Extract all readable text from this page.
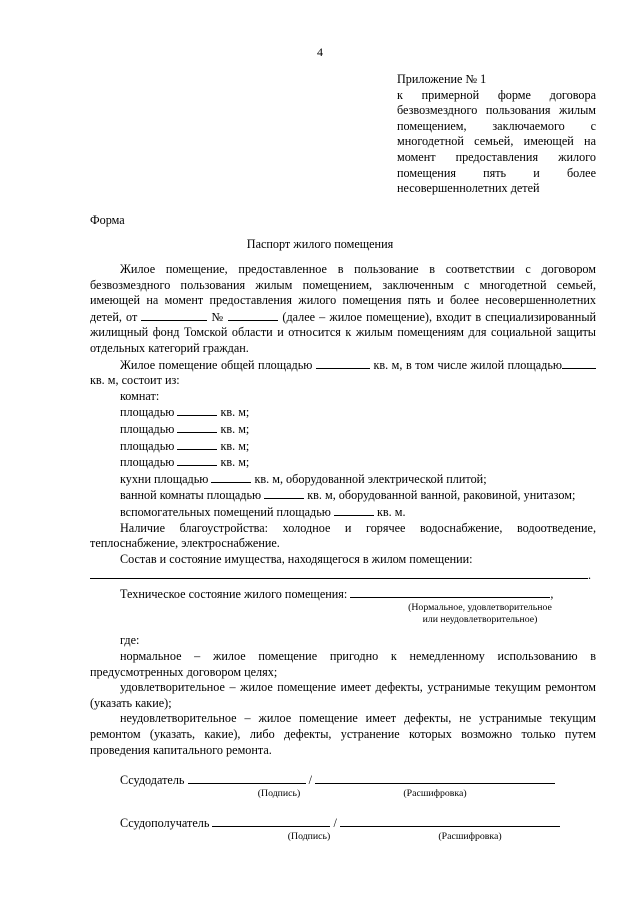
4
Приложение № 1
к примерной форме договора безвозмездного пользования жилым помещением, заключаемого с многодетной семьей, имеющей на момент предоставления жилого помещения пять и более
несовершеннолетних детей
Форма
Паспорт жилого помещения

Жилое помещение, предоставленное в пользование в соответствии с договором безвозмездного пользования жилым помещением, заключенным с многодетной семьей, имеющей на момент предоставления жилого помещения пять и более несовершеннолетних детей, от	№	(далее – жилое помещение), входит в специализированный жилищный фонд Томской области и относится к жилым помещениям для социальной защиты отдельных категорий граждан.

Жилое помещение общей площадью	кв. м, в том числе жилой площадью кв. м, состоит из:

комнат:

площадью	кв. м;

площадью	кв. м;

площадью	кв. м;

площадью	кв. м;

кухни площадью	кв. м, оборудованной электрической плитой;

ванной комнаты площадью	кв. м, оборудованной ванной, раковиной, унитазом;

вспомогательных помещений площадью	кв. м.

Наличие благоустройства: холодное и горячее водоснабжение, водоотведение, теплоснабжение, электроснабжение.

Состав и состояние имущества, находящегося в жилом помещении:
.

Техническое состояние жилого помещения:	,

(Нормальное, удовлетворительное
или неудовлетворительное)

где:

нормальное – жилое помещение пригодно к немедленному использованию в предусмотренных договором целях;

удовлетворительное – жилое помещение имеет дефекты, устранимые текущим ремонтом (указать какие);

неудовлетворительное – жилое помещение имеет дефекты, не устранимые текущим ремонтом (указать, какие), либо дефекты, устранение которых возможно только путем проведения капитального ремонта.

Ссудодатель	/
(Подпись)	(Расшифровка)
Ссудополучатель	/
(Подпись)	(Расшифровка)
